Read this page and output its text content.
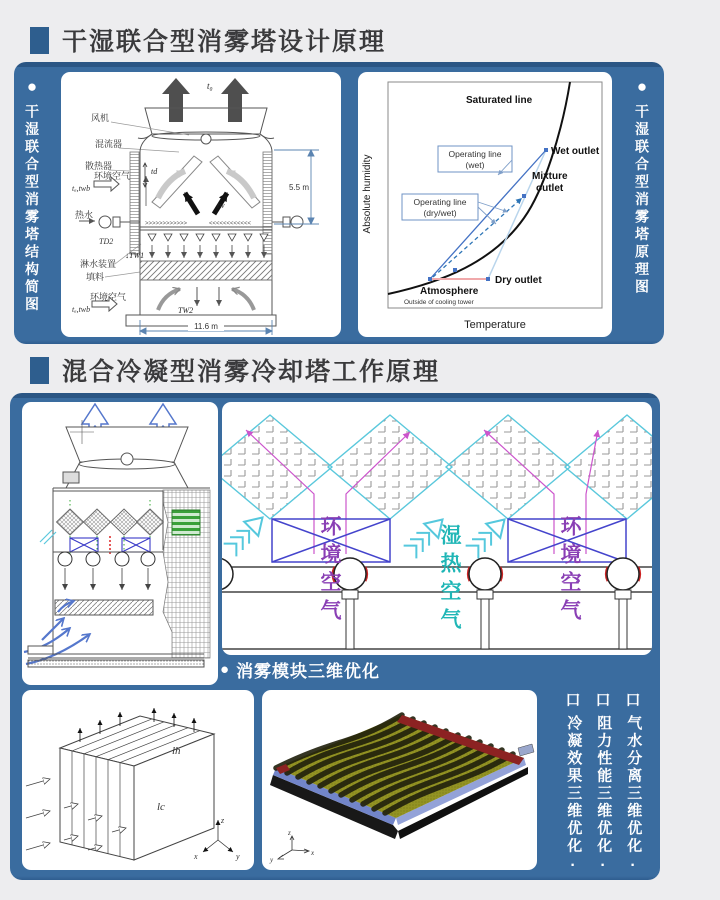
干湿联合型消雾塔设计原理
●
干湿联合型消雾塔结构简图
t₀
风机
混流器
散热器
环境空气
tₐ,twb
热水
TD2
淋水装置
填料
环境空气
tₐ,twb
td
tw
>>>>>>>>>>>>	<<<<<<<<<<<<
↓TW1
TW2
5.5 m
11.6 m
Absolute humidity
Temperature
Operating line
(wet)
Operating line
(dry/wet)
Saturated line
Wet outlet
Mixture
outlet
Dry outlet
Atmosphere
Outside of cooling tower
●
干湿联合型消雾塔原理图
混合冷凝型消雾冷却塔工作原理
环境空气	湿热空气	环境空气
● 消雾模块三维优化
lh
lc
z
x	y
z
y
x
口
气水分离三维优化
·
口
阻力性能三维优化
·
口
冷凝效果三维优化
·
